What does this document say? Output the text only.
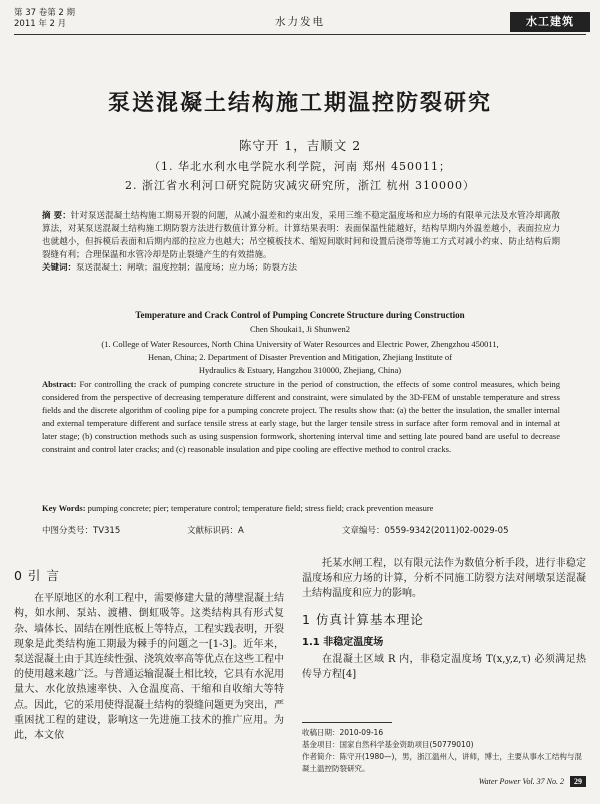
第 37 卷第 2 期
2011 年 2 月	水力发电	水工建筑
泵送混凝土结构施工期温控防裂研究
陈守开 1，吉顺文 2
（1. 华北水利水电学院水利学院，河南 郑州 450011；
2. 浙江省水利河口研究院防灾减灾研究所，浙江 杭州 310000）
摘 要：针对泵送混凝土结构施工期易开裂的问题，从减小温差和约束出发，采用三维不稳定温度场和应力场的有限单元法及水管冷却离散算法，对某泵送混凝土结构施工期防裂方法进行数值计算分析。计算结果表明：表面保温性能越好，结构早期内外温差越小，表面拉应力也就越小，但拆模后表面和后期内部的拉应力也越大；吊空模板技术、缩短间歇时间和设置后浇带等施工方式对减小约束、防止结构后期裂缝有利；合理保温和水管冷却是防止裂缝产生的有效措施。
关键词：泵送混凝土；闸墩；温度控制；温度场；应力场；防裂方法
Temperature and Crack Control of Pumping Concrete Structure during Construction
Chen Shoukai1, Ji Shunwen2
(1. College of Water Resources, North China University of Water Resources and Electric Power, Zhengzhou 450011,
Henan, China; 2. Department of Disaster Prevention and Mitigation, Zhejiang Institute of
Hydraulics & Estuary, Hangzhou 310000, Zhejiang, China)
Abstract: For controlling the crack of pumping concrete structure in the period of construction, the effects of some control measures, which being considered from the perspective of decreasing temperature different and constraint, were simulated by the 3D-FEM of unstable temperature and stress fields and the discrete algorithm of cooling pipe for a pumping concrete project. The results show that: (a) the better the insulation, the smaller internal and external temperature different and surface tensile stress at early stage, but the larger tensile stress in surface after form removal and in internal at later stage; (b) construction methods such as using suspension formwork, shortening interval time and setting late poured band are useful to decrease constraint and control later cracks; and (c) reasonable insulation and pipe cooling are effective method to control cracks.
Key Words: pumping concrete; pier; temperature control; temperature field; stress field; crack prevention measure
中图分类号：TV315	文献标识码：A	文章编号：0559-9342(2011)02-0029-05
0 引 言

在平原地区的水利工程中，需要修建大量的薄壁混凝土结构，如水闸、泵站、渡槽、倒虹吸等。这类结构具有形式复杂、墙体长、固结在刚性底板上等特点，工程实践表明，开裂现象是此类结构施工期最为棘手的问题之一[1-3]。近年来，泵送混凝土由于其连续性强、浇筑效率高等优点在这些工程中的使用越来越广泛。与普通运输混凝土相比较，它具有水泥用量大、水化放热速率快、入仓温度高、干缩和自收缩大等特点。因此，它的采用使得混凝土结构的裂缝问题更为突出，严重困扰工程的建设，影响这一先进施工技术的推广应用。为此，本文依

托某水闸工程，以有限元法作为数值分析手段，进行非稳定温度场和应力场的计算，分析不同施工防裂方法对闸墩泵送混凝土结构温度和应力的影响。

1 仿真计算基本理论
1.1 非稳定温度场

在混凝土区域 R 内，非稳定温度场 T(x,y,z,τ) 必须满足热传导方程[4]

收稿日期：2010-09-16
基金项目：国家自然科学基金资助项目(50779010)
作者简介：陈守开(1980—)，男，浙江温州人，讲师，博士，主要从事水工结构与混凝土温控防裂研究。
Water Power Vol. 37 No. 2 29
